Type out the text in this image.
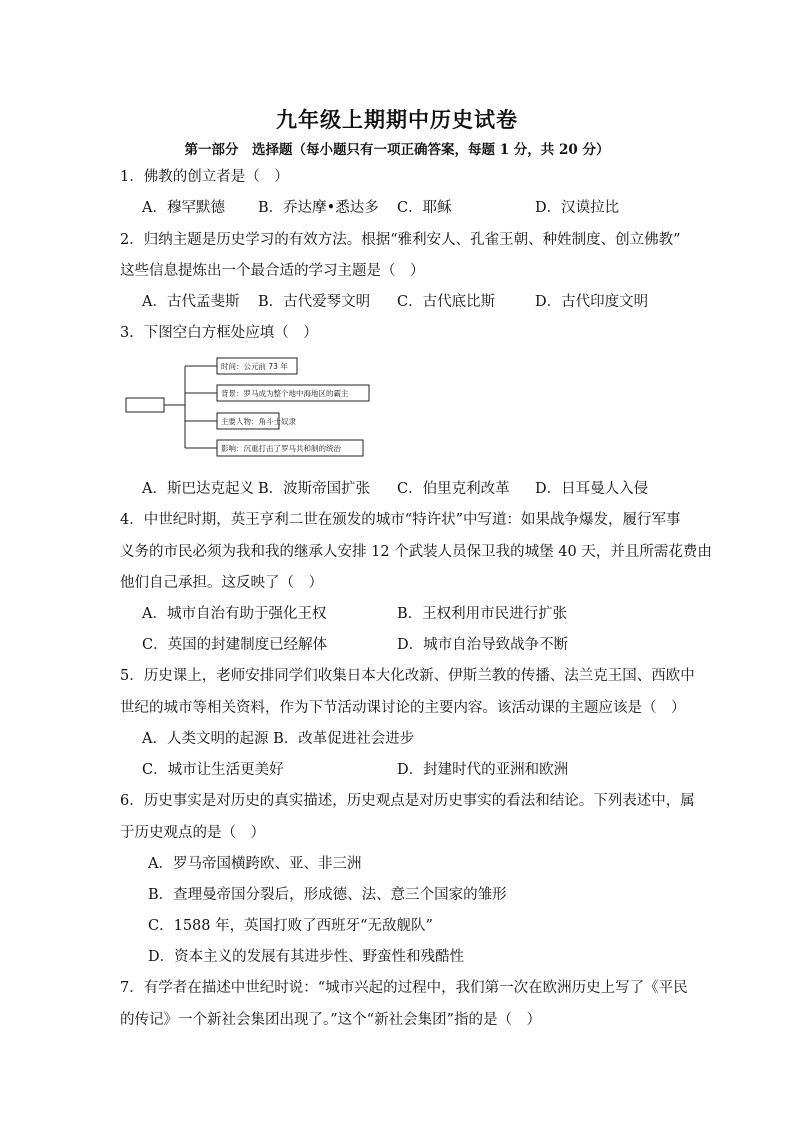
九年级上期期中历史试卷
第一部分　选择题（每小题只有一项正确答案，每题 1 分，共 20 分）
1．佛教的创立者是（　）
A．穆罕默德 B．乔达摩•悉达多 C．耶稣	D．汉谟拉比
2．归纳主题是历史学习的有效方法。根据“雅利安人、孔雀王朝、种姓制度、创立佛教”
这些信息提炼出一个最合适的学习主题是（　）
A．古代孟斐斯 B．古代爱琴文明 C．古代底比斯	D．古代印度文明
3．下图空白方框处应填（　）
时间：公元前 73 年
背景：罗马成为整个地中海地区的霸主
主要人物：角斗士奴隶
影响：沉重打击了罗马共和制的统治
A．斯巴达克起义 B．波斯帝国扩张 C．伯里克利改革 D．日耳曼人入侵
4．中世纪时期，英王亨利二世在颁发的城市“特许状”中写道：如果战争爆发，履行军事
义务的市民必须为我和我的继承人安排 12 个武装人员保卫我的城堡 40 天，并且所需花费由
他们自己承担。这反映了（　）
A．城市自治有助于强化王权	B．王权利用市民进行扩张
C．英国的封建制度已经解体	D．城市自治导致战争不断
5．历史课上，老师安排同学们收集日本大化改新、伊斯兰教的传播、法兰克王国、西欧中
世纪的城市等相关资料，作为下节活动课讨论的主要内容。该活动课的主题应该是（　）
A．人类文明的起源 B．改革促进社会进步
C．城市让生活更美好	D．封建时代的亚洲和欧洲
6．历史事实是对历史的真实描述，历史观点是对历史事实的看法和结论。下列表述中，属
于历史观点的是（　）
A．罗马帝国横跨欧、亚、非三洲
B．查理曼帝国分裂后，形成德、法、意三个国家的雏形
C．1588 年，英国打败了西班牙“无敌舰队”
D．资本主义的发展有其进步性、野蛮性和残酷性
7．有学者在描述中世纪时说：“城市兴起的过程中，我们第一次在欧洲历史上写了《平民
的传记》一个新社会集团出现了。”这个“新社会集团”指的是（　）
